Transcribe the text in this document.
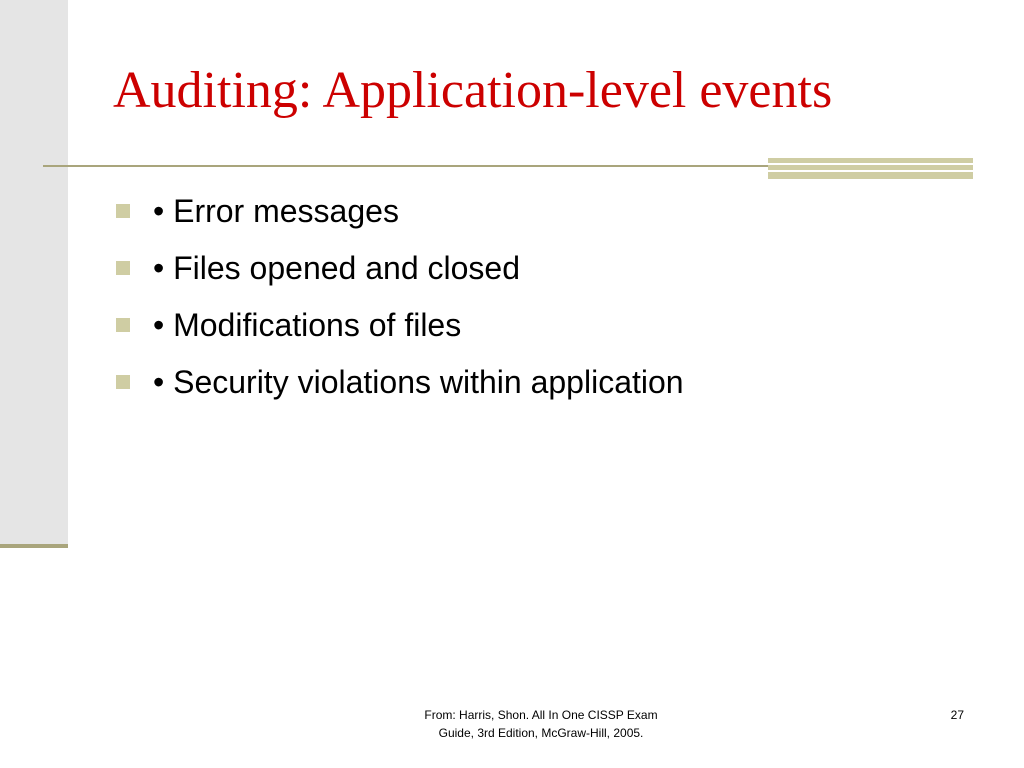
Auditing: Application-level events
• Error messages
• Files opened and closed
• Modifications of files
• Security violations within application
From: Harris, Shon. All In One CISSP Exam
Guide, 3rd Edition, McGraw-Hill, 2005.
27
